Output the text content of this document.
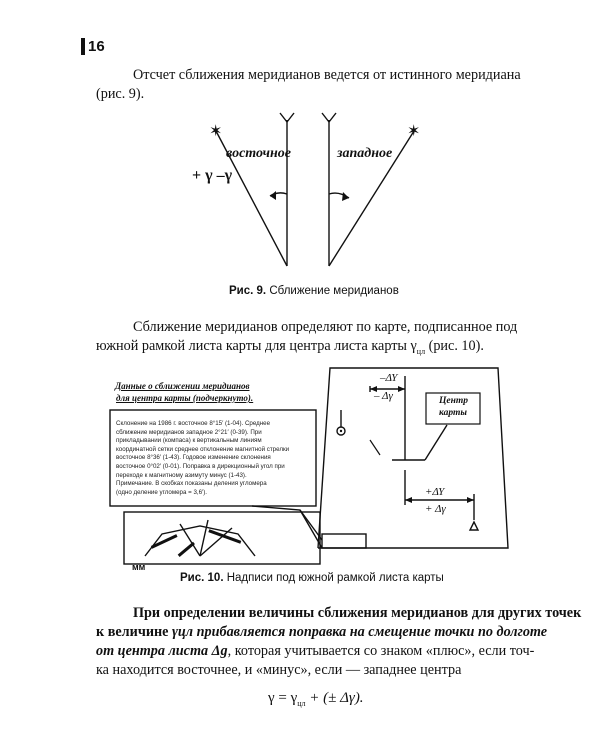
16
Отсчет сближения меридианов ведется от истинного меридиана
(рис. 9).
✶	✶
восточное	западное
+ γ –γ
Рис. 9. Сближение меридианов
Сближение меридианов определяют по карте, подписанное под
южной рамкой листа карты для центра листа карты $\gamma_{цл}$ (рис. 10).
Данные о сближении меридианов
для центра карты (подчеркнуто).
Склонение на 1986 г. восточное 8°15′ (1-04). Среднее
сближение меридианов западное 2°21′ (0-39). При
прикладывании (компаса) к вертикальным линиям
координатной сетки среднее отклонение магнитной стрелки
восточное 8°36′ (1-43). Годовое изменение склонения
восточное 0°02′ (0-01). Поправка в дирекционный угол при
переходе к магнитному азимуту минус (1-43).
Примечание. В скобках показаны деления угломера
(одно деление угломера = 3,6′).
–ΔΥ
– Δγ
+ΔΥ
+ Δγ
Центр
карты
мм
Рис. 10. Надписи под южной рамкой листа карты
При определении величины сближения меридианов для других точек
к величине γцл прибавляется поправка на смещение точки по долготе
от центра листа Δg, которая учитывается со знаком «плюс», если точ-
ка находится восточнее, и «минус», если — западнее центра
$\gamma = \gamma_{цл}$ + (± Δγ).
